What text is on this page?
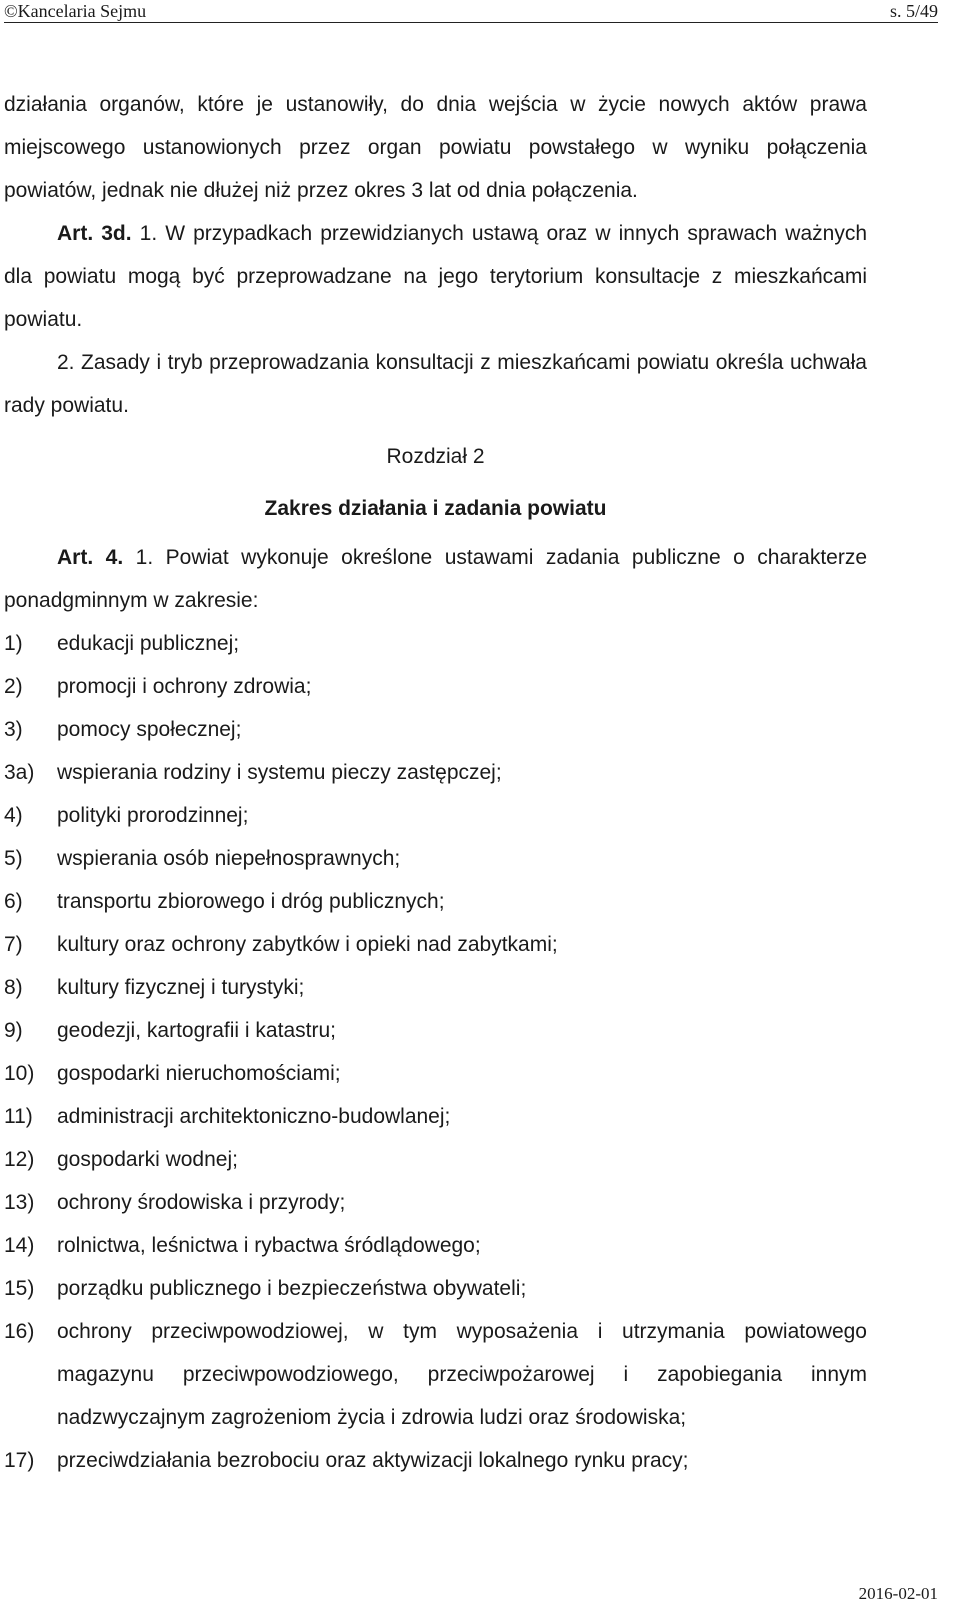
©Kancelaria Sejmu	s. 5/49

działania organów, które je ustanowiły, do dnia wejścia w życie nowych aktów prawa miejscowego ustanowionych przez organ powiatu powstałego w wyniku połączenia powiatów, jednak nie dłużej niż przez okres 3 lat od dnia połączenia.

Art. 3d. 1. W przypadkach przewidzianych ustawą oraz w innych sprawach ważnych dla powiatu mogą być przeprowadzane na jego terytorium konsultacje z mieszkańcami powiatu.

2. Zasady i tryb przeprowadzania konsultacji z mieszkańcami powiatu określa uchwała rady powiatu.

Rozdział 2
Zakres działania i zadania powiatu

Art. 4. 1. Powiat wykonuje określone ustawami zadania publiczne o charakterze ponadgminnym w zakresie:

1) edukacji publicznej;
2) promocji i ochrony zdrowia;
3) pomocy społecznej;
3a) wspierania rodziny i systemu pieczy zastępczej;
4) polityki prorodzinnej;
5) wspierania osób niepełnosprawnych;
6) transportu zbiorowego i dróg publicznych;
7) kultury oraz ochrony zabytków i opieki nad zabytkami;
8) kultury fizycznej i turystyki;
9) geodezji, kartografii i katastru;
10) gospodarki nieruchomościami;
11) administracji architektoniczno-budowlanej;
12) gospodarki wodnej;
13) ochrony środowiska i przyrody;
14) rolnictwa, leśnictwa i rybactwa śródlądowego;
15) porządku publicznego i bezpieczeństwa obywateli;
16) ochrony przeciwpowodziowej, w tym wyposażenia i utrzymania powiatowego magazynu przeciwpowodziowego, przeciwpożarowej i zapobiegania innym nadzwyczajnym zagrożeniom życia i zdrowia ludzi oraz środowiska;
17) przeciwdziałania bezrobociu oraz aktywizacji lokalnego rynku pracy;
2016-02-01
